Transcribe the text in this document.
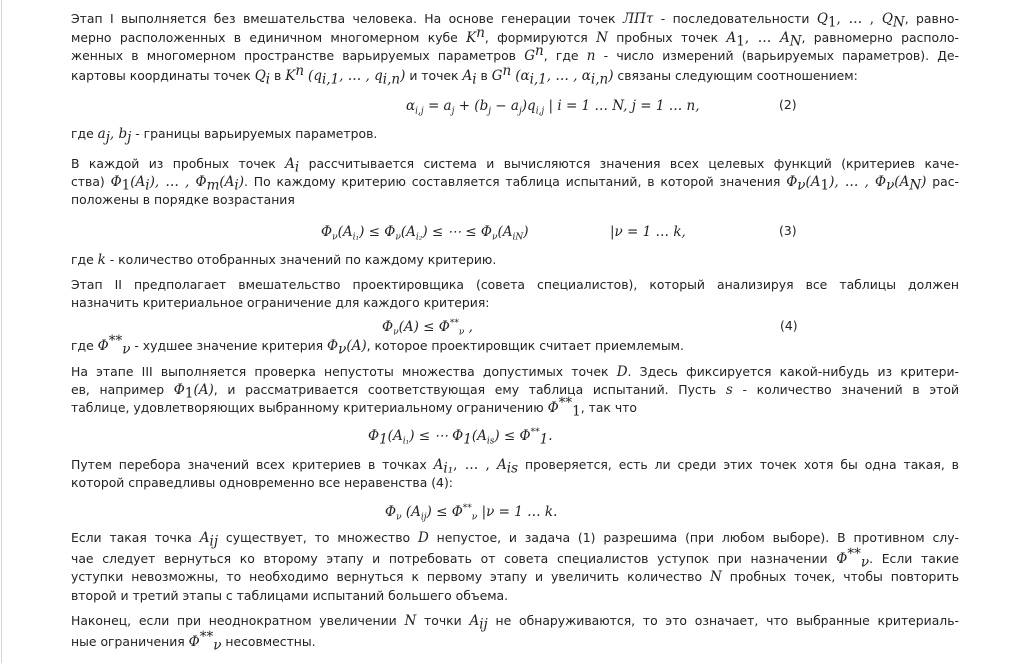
Этап I выполняется без вмешательства человека. На основе генерации точек ЛПτ - последовательности $Q_1$, … , $Q_N$, равно-
мерно расположенных в единичном многомерном кубе $K^n$, формируются N пробных точек $A_1$, … $A_N$, равномерно располо-
женных в многомерном пространстве варьируемых параметров $G^n$, где n - число измерений (варьируемых параметров). Де-
картовы координаты точек $Q_i$ в $K^n$ ($q_{i,1}$, … , $q_{i,n}$) и точек $A_i$ в $G^n$ ($\alpha_{i,1}$, … , $\alpha_{i,n}$) связаны следующим соотношением:
$\alpha_{i,j} = a_j + (b_j - a_j)q_{i,j}$ | i = 1 … N, j = 1 … n,	(2)
где $a_j$, $b_j$ - границы варьируемых параметров.
В каждой из пробных точек $A_i$ рассчитывается система и вычисляются значения всех целевых функций (критериев каче-
ства) $\Phi_1(A_i)$, … , $\Phi_m(A_i)$. По каждому критерию составляется таблица испытаний, в которой значения $\Phi_\nu(A_1)$, … , $\Phi_\nu(A_N)$ рас-
положены в порядке возрастания
$\Phi_\nu(A_{i_1}) \le \Phi_\nu(A_{i_2})$ ≤ ⋯ ≤ $\Phi_\nu(A_{iN})$	|ν = 1 … k,	(3)
где k - количество отобранных значений по каждому критерию.
Этап II предполагает вмешательство проектировщика (совета специалистов), который анализируя все таблицы должен
назначить критериальное ограничение для каждого критерия:
$\Phi_\nu(A) \le \Phi^{**}_\nu$ ,	(4)
где $\Phi^{**}_\nu$ - худшее значение критерия $\Phi_\nu(A)$, которое проектировщик считает приемлемым.
На этапе III выполняется проверка непустоты множества допустимых точек D. Здесь фиксируется какой-нибудь из критери-
ев, например $\Phi_1(A)$, и рассматривается соответствующая ему таблица испытаний. Пусть s - количество значений в этой
таблице, удовлетворяющих выбранному критериальному ограничению $\Phi^{**}_1$, так что
$\Phi_1(A_{i_1})$ ≤ ⋯ $\Phi_1(A_{is}) \le \Phi^{**}_1$.
Путем перебора значений всех критериев в точках $A_{i_1}$, … , $A_{is}$ проверяется, есть ли среди этих точек хотя бы одна такая, в
которой справедливы одновременно все неравенства (4):
$\Phi_\nu$ $(A_{ij}) \le \Phi^{**}_\nu$ |ν = 1 … k.
Если такая точка $A_{ij}$ существует, то множество D непустое, и задача (1) разрешима (при любом выборе). В противном слу-
чае следует вернуться ко второму этапу и потребовать от совета специалистов уступок при назначении $\Phi^{**}_\nu$. Если такие
уступки невозможны, то необходимо вернуться к первому этапу и увеличить количество N пробных точек, чтобы повторить
второй и третий этапы с таблицами испытаний большего объема.
Наконец, если при неоднократном увеличении N точки $A_{ij}$ не обнаруживаются, то это означает, что выбранные критериаль-
ные ограничения $\Phi^{**}_\nu$ несовместны.
